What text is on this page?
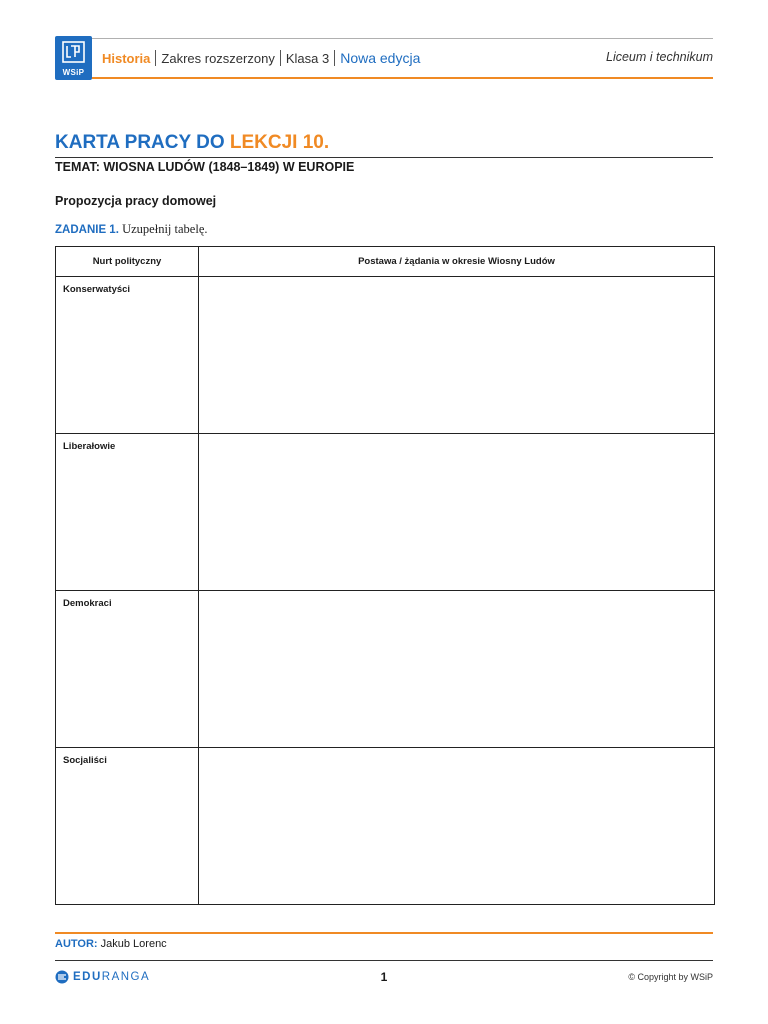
WSiP
Historia Zakres rozszerzony Klasa 3 Nowa edycja	Liceum i technikum
KARTA PRACY DO LEKCJI 10.
TEMAT: WIOSNA LUDÓW (1848–1849) W EUROPIE
Propozycja pracy domowej
ZADANIE 1. Uzupełnij tabelę.
Nurt polityczny	Postawa / żądania w okresie Wiosny Ludów

Konserwatyści	

Liberałowie	

Demokraci	

Socjaliści	

AUTOR: Jakub Lorenc
EDURANGA	1	© Copyright by WSiP
